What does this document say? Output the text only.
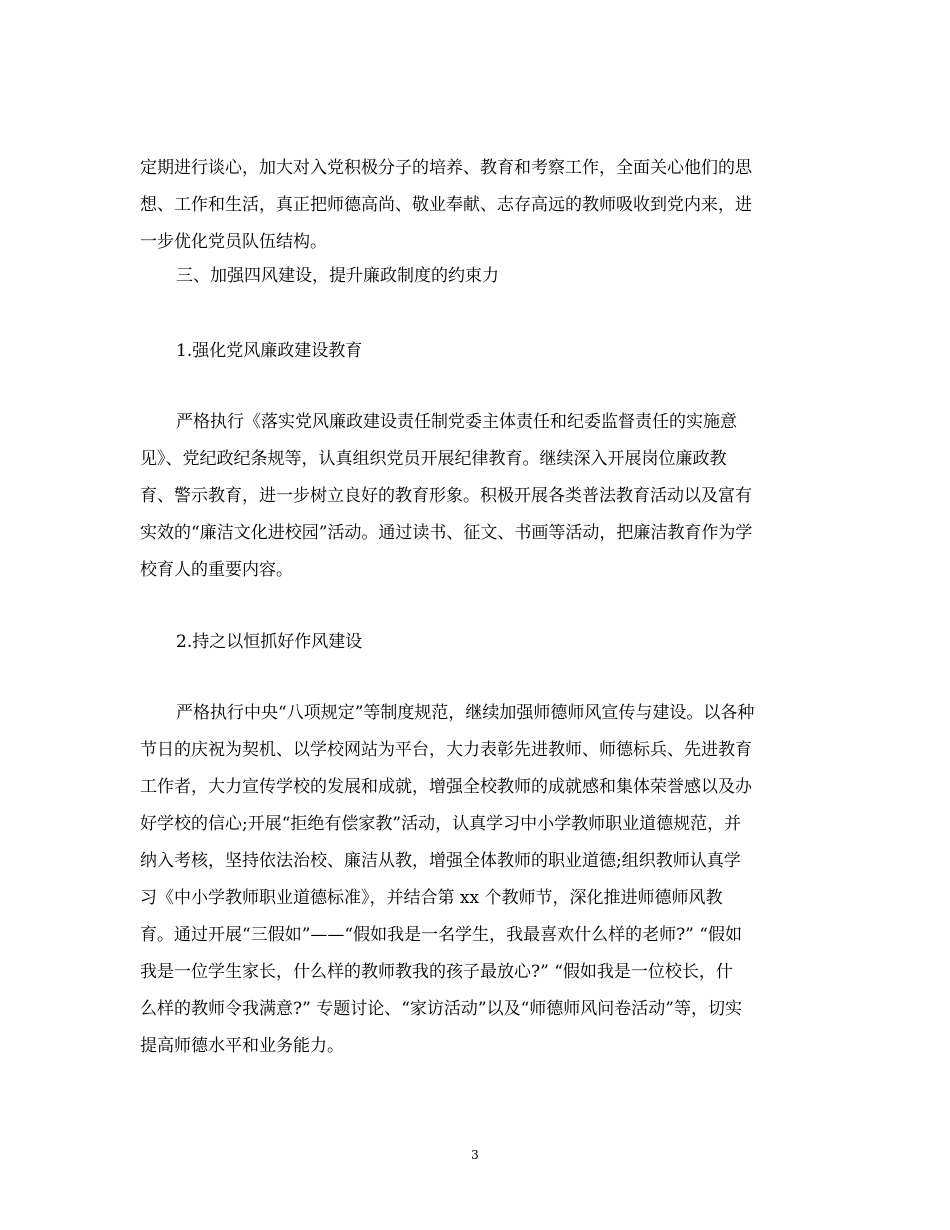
定期进行谈心，加大对入党积极分子的培养、教育和考察工作，全面关心他们的思
想、工作和生活，真正把师德高尚、敬业奉献、志存高远的教师吸收到党内来，进
一步优化党员队伍结构。
三、加强四风建设，提升廉政制度的约束力
1.强化党风廉政建设教育
严格执行《落实党风廉政建设责任制党委主体责任和纪委监督责任的实施意
见》、党纪政纪条规等，认真组织党员开展纪律教育。继续深入开展岗位廉政教
育、警示教育，进一步树立良好的教育形象。积极开展各类普法教育活动以及富有
实效的“廉洁文化进校园”活动。通过读书、征文、书画等活动，把廉洁教育作为学
校育人的重要内容。
2.持之以恒抓好作风建设
严格执行中央“八项规定”等制度规范，继续加强师德师风宣传与建设。以各种
节日的庆祝为契机、以学校网站为平台，大力表彰先进教师、师德标兵、先进教育
工作者，大力宣传学校的发展和成就，增强全校教师的成就感和集体荣誉感以及办
好学校的信心;开展“拒绝有偿家教”活动，认真学习中小学教师职业道德规范，并
纳入考核，坚持依法治校、廉洁从教，增强全体教师的职业道德;组织教师认真学
习《中小学教师职业道德标准》，并结合第 xx 个教师节，深化推进师德师风教
育。通过开展“三假如”——“假如我是一名学生，我最喜欢什么样的老师?” “假如
我是一位学生家长，什么样的教师教我的孩子最放心?” “假如我是一位校长，什
么样的教师令我满意?” 专题讨论、“家访活动”以及“师德师风问卷活动”等，切实
提高师德水平和业务能力。
3
